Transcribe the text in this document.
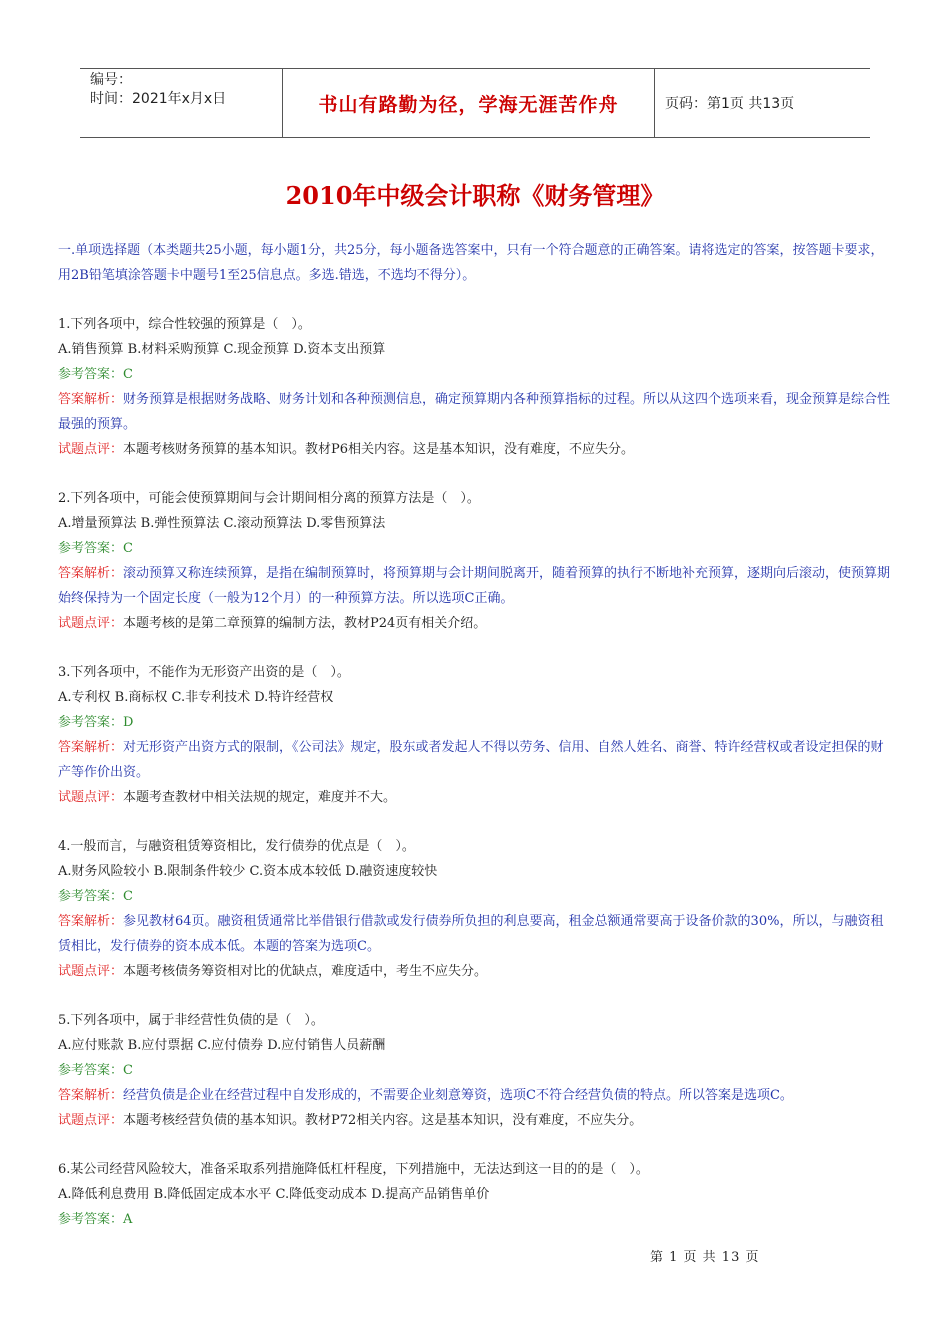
编号：
时间：2021年x月x日	书山有路勤为径，学海无涯苦作舟	页码：第1页 共13页
2010年中级会计职称《财务管理》

一.单项选择题（本类题共25小题，每小题1分，共25分，每小题备选答案中，只有一个符合题意的正确答案。请将选定的答案，按答题卡要求，用2B铅笔填涂答题卡中题号1至25信息点。多选.错选，不选均不得分）。

1.下列各项中，综合性较强的预算是（　）。

A.销售预算 B.材料采购预算 C.现金预算 D.资本支出预算

参考答案：C

答案解析：财务预算是根据财务战略、财务计划和各种预测信息，确定预算期内各种预算指标的过程。所以从这四个选项来看，现金预算是综合性最强的预算。

试题点评：本题考核财务预算的基本知识。教材P6相关内容。这是基本知识，没有难度，不应失分。

2.下列各项中，可能会使预算期间与会计期间相分离的预算方法是（　）。

A.增量预算法 B.弹性预算法 C.滚动预算法 D.零售预算法

参考答案：C

答案解析：滚动预算又称连续预算，是指在编制预算时，将预算期与会计期间脱离开，随着预算的执行不断地补充预算，逐期向后滚动，使预算期始终保持为一个固定长度（一般为12个月）的一种预算方法。所以选项C正确。

试题点评：本题考核的是第二章预算的编制方法，教材P24页有相关介绍。

3.下列各项中，不能作为无形资产出资的是（　）。

A.专利权 B.商标权 C.非专利技术 D.特许经营权

参考答案：D

答案解析：对无形资产出资方式的限制，《公司法》规定，股东或者发起人不得以劳务、信用、自然人姓名、商誉、特许经营权或者设定担保的财产等作价出资。

试题点评：本题考查教材中相关法规的规定，难度并不大。

4.一般而言，与融资租赁筹资相比，发行债券的优点是（　）。

A.财务风险较小 B.限制条件较少 C.资本成本较低 D.融资速度较快

参考答案：C

答案解析：参见教材64页。融资租赁通常比举借银行借款或发行债券所负担的利息要高，租金总额通常要高于设备价款的30%，所以，与融资租赁相比，发行债券的资本成本低。本题的答案为选项C。

试题点评：本题考核债务筹资相对比的优缺点，难度适中，考生不应失分。

5.下列各项中，属于非经营性负债的是（　）。

A.应付账款 B.应付票据 C.应付债券 D.应付销售人员薪酬

参考答案：C

答案解析：经营负债是企业在经营过程中自发形成的，不需要企业刻意筹资，选项C不符合经营负债的特点。所以答案是选项C。

试题点评：本题考核经营负债的基本知识。教材P72相关内容。这是基本知识，没有难度，不应失分。

6.某公司经营风险较大，准备采取系列措施降低杠杆程度，下列措施中，无法达到这一目的的是（　）。

A.降低利息费用 B.降低固定成本水平 C.降低变动成本 D.提高产品销售单价

参考答案：A

第 1 页 共 13 页
